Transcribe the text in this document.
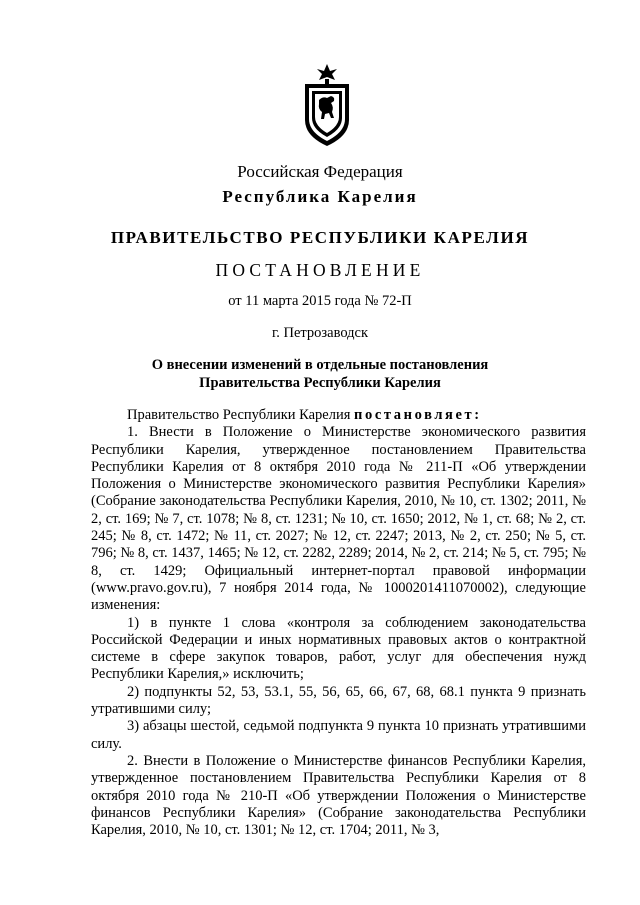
Российская Федерация
Республика Карелия
ПРАВИТЕЛЬСТВО РЕСПУБЛИКИ КАРЕЛИЯ
ПОСТАНОВЛЕНИЕ
от 11 марта 2015 года № 72-П
г. Петрозаводск
О внесении изменений в отдельные постановления
Правительства Республики Карелия

Правительство Республики Карелия постановляет:

1. Внести в Положение о Министерстве экономического развития Республики Карелия, утвержденное постановлением Правительства Республики Карелия от 8 октября 2010 года № 211-П «Об утверждении Положения о Министерстве экономического развития Республики Карелия» (Собрание законодательства Республики Карелия, 2010, № 10, ст. 1302; 2011, № 2, ст. 169; № 7, ст. 1078; № 8, ст. 1231; № 10, ст. 1650; 2012, № 1, ст. 68; № 2, ст. 245; № 8, ст. 1472; № 11, ст. 2027; № 12, ст. 2247; 2013, № 2, ст. 250; № 5, ст. 796; № 8, ст. 1437, 1465; № 12, ст. 2282, 2289; 2014, № 2, ст. 214; № 5, ст. 795; № 8, ст. 1429; Официальный интернет-портал правовой информации (www.pravo.gov.ru), 7 ноября 2014 года, № 1000201411070002), следующие изменения:

1) в пункте 1 слова «контроля за соблюдением законодательства Российской Федерации и иных нормативных правовых актов о контрактной системе в сфере закупок товаров, работ, услуг для обеспечения нужд Республики Карелия,» исключить;

2) подпункты 52, 53, 53.1, 55, 56, 65, 66, 67, 68, 68.1 пункта 9 признать утратившими силу;

3) абзацы шестой, седьмой подпункта 9 пункта 10 признать утратившими силу.

2. Внести в Положение о Министерстве финансов Республики Карелия, утвержденное постановлением Правительства Республики Карелия от 8 октября 2010 года № 210-П «Об утверждении Положения о Министерстве финансов Республики Карелия» (Собрание законодательства Республики Карелия, 2010, № 10, ст. 1301; № 12, ст. 1704; 2011, № 3,
